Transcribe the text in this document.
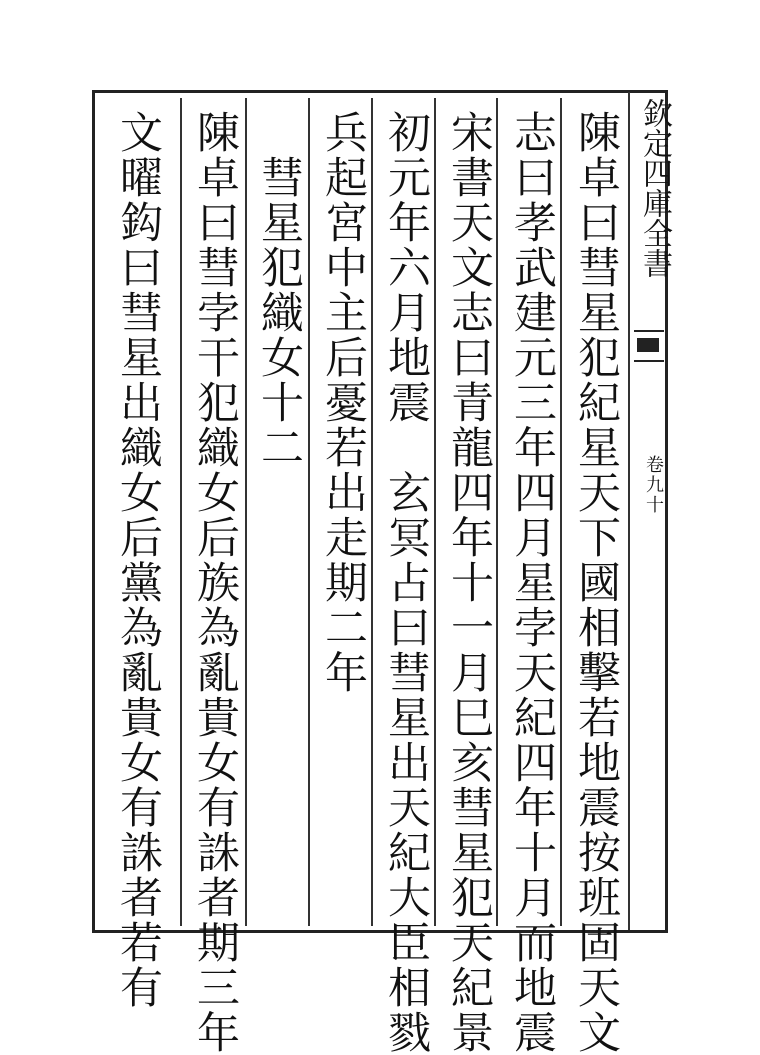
欽定四庫全書
卷九十
陳卓曰彗星犯紀星天下國相擊若地震按班固天文
志曰孝武建元三年四月星孛天紀四年十月而地震
宋書天文志曰青龍四年十一月巳亥彗星犯天紀景
初元年六月地震　玄冥占曰彗星出天紀大臣相戮
兵起宮中主后憂若出走期二年
　彗星犯織女十二
陳卓曰彗孛干犯織女后族為亂貴女有誅者期三年
文曜鈎曰彗星出織女后黨為亂貴女有誅者若有
